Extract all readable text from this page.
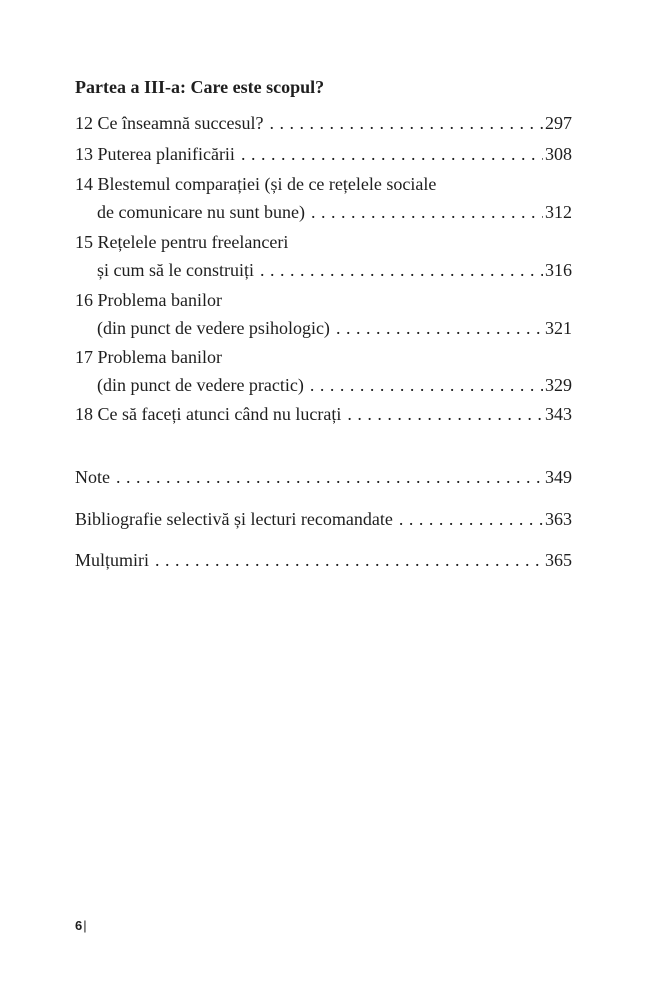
Partea a III-a: Care este scopul?
12 Ce înseamnă succesul? . . .	297
13 Puterea planificării . . .	308
14 Blestemul comparației (și de ce rețelele sociale
de comunicare nu sunt bune) . . .	312
15 Rețelele pentru freelanceri
și cum să le construiți . . .	316
16 Problema banilor
(din punct de vedere psihologic) . . .	321
17 Problema banilor
(din punct de vedere practic) . . .	329
18 Ce să faceți atunci când nu lucrați . . .	343
Note . . .	349
Bibliografie selectivă și lecturi recomandate . . .	363
Mulțumiri . . .	365
6|
